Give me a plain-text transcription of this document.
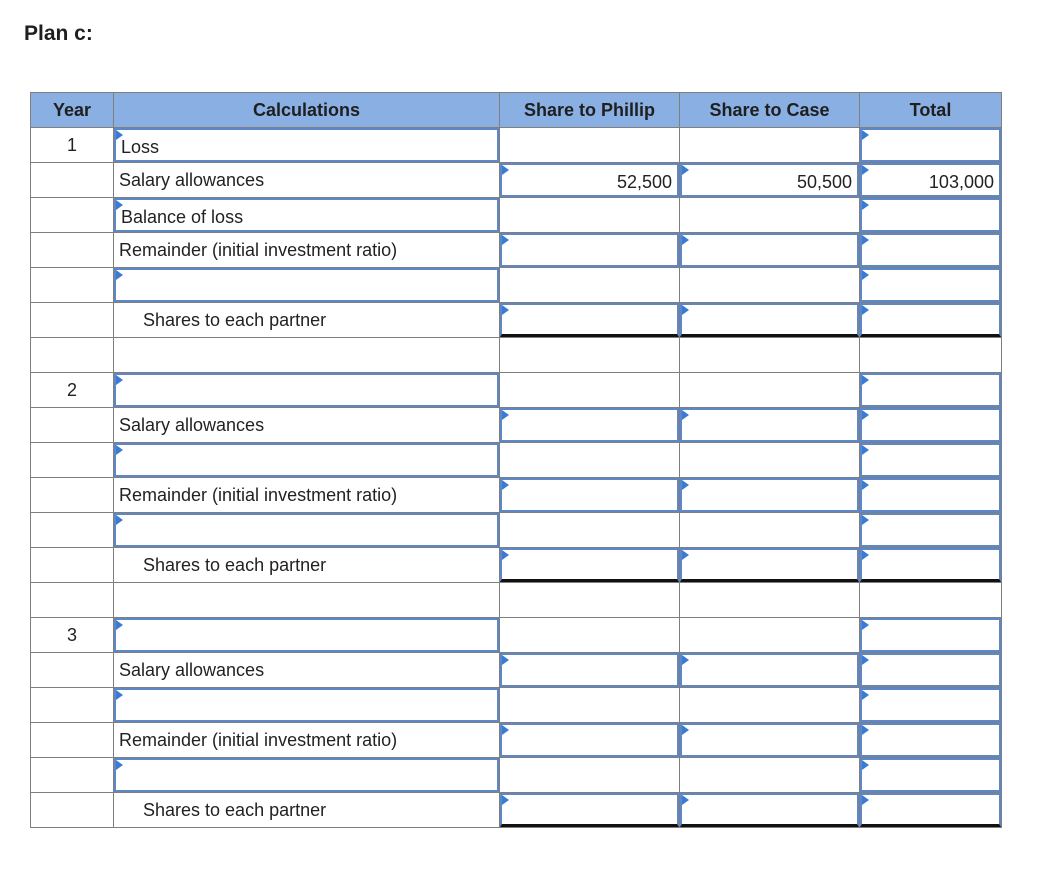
Plan c:
Year	Calculations	Share to Phillip	Share to Case	Total
1	Loss			

	Salary allowances	52,500	50,500	103,000

	Balance of loss			

	Remainder (initial investment ratio)			

	Shares to each partner			

2	

	Salary allowances			

	Remainder (initial investment ratio)			

	Shares to each partner			

3	

	Salary allowances			

	Remainder (initial investment ratio)			

	Shares to each partner			
